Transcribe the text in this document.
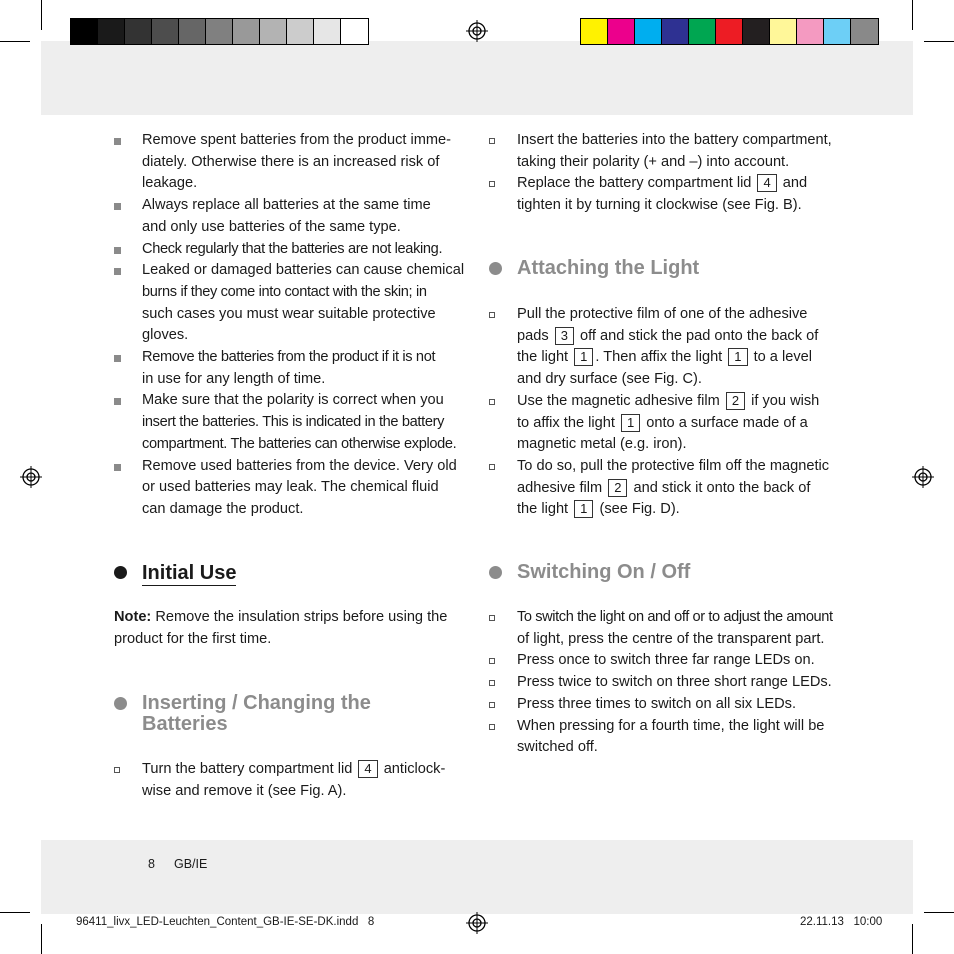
Remove spent batteries from the product imme-
diately. Otherwise there is an increased risk of
leakage.
Always replace all batteries at the same time
and only use batteries of the same type.
Check regularly that the batteries are not leaking.
Leaked or damaged batteries can cause chemical
burns if they come into contact with the skin; in
such cases you must wear suitable protective
gloves.
Remove the batteries from the product if it is not
in use for any length of time.
Make sure that the polarity is correct when you
insert the batteries. This is indicated in the battery
compartment. The batteries can otherwise explode.
Remove used batteries from the device. Very old
or used batteries may leak. The chemical fluid
can damage the product.
Initial Use
Note: Remove the insulation strips before using the
product for the first time.
Inserting / Changing the
Batteries
Turn the battery compartment lid 4 anticlock-
wise and remove it (see Fig. A).
Insert the batteries into the battery compartment,
taking their polarity (+ and –) into account.
Replace the battery compartment lid 4 and
tighten it by turning it clockwise (see Fig. B).
Attaching the Light
Pull the protective film of one of the adhesive
pads 3 off and stick the pad onto the back of
the light 1 . Then affix the light 1 to a level
and dry surface (see Fig. C).
Use the magnetic adhesive film 2 if you wish
to affix the light 1 onto a surface made of a
magnetic metal (e.g. iron).
To do so, pull the protective film off the magnetic
adhesive film 2 and stick it onto the back of
the light 1 (see Fig. D).
Switching On / Off
To switch the light on and off or to adjust the amount
of light, press the centre of the transparent part.
Press once to switch three far range LEDs on.
Press twice to switch on three short range LEDs.
Press three times to switch on all six LEDs.
When pressing for a fourth time, the light will be
switched off.
8 GB/IE
96411_livx_LED-Leuchten_Content_GB-IE-SE-DK.indd   8	22.11.13   10:00
